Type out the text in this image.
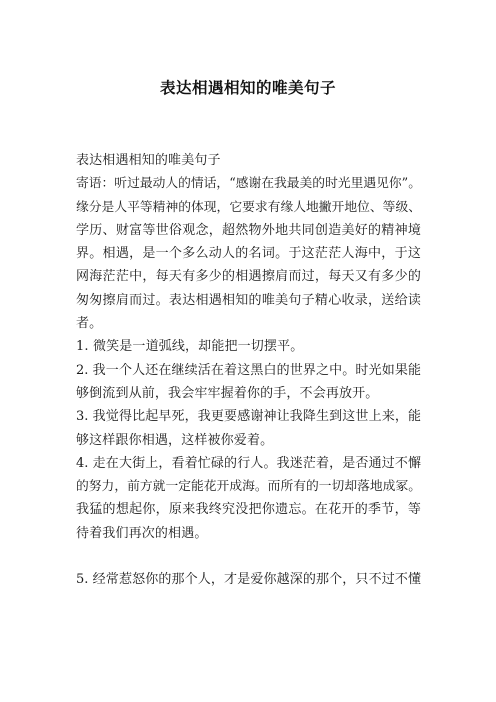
表达相遇相知的唯美句子
表达相遇相知的唯美句子
寄语：听过最动人的情话，“感谢在我最美的时光里遇见你”。
缘分是人平等精神的体现，它要求有缘人地撇开地位、等级、
学历、财富等世俗观念，超然物外地共同创造美好的精神境
界。相遇，是一个多么动人的名词。于这茫茫人海中，于这
网海茫茫中，每天有多少的相遇擦肩而过，每天又有多少的
匆匆擦肩而过。表达相遇相知的唯美句子精心收录，送给读
者。
1. 微笑是一道弧线，却能把一切摆平。
2. 我一个人还在继续活在着这黑白的世界之中。时光如果能
够倒流到从前，我会牢牢握着你的手，不会再放开。
3. 我觉得比起早死，我更要感谢神让我降生到这世上来，能
够这样跟你相遇，这样被你爱着。
4. 走在大街上，看着忙碌的行人。我迷茫着，是否通过不懈
的努力，前方就一定能花开成海。而所有的一切却落地成冢。
我猛的想起你，原来我终究没把你遗忘。在花开的季节，等
待着我们再次的相遇。
5. 经常惹怒你的那个人，才是爱你越深的那个，只不过不懂
